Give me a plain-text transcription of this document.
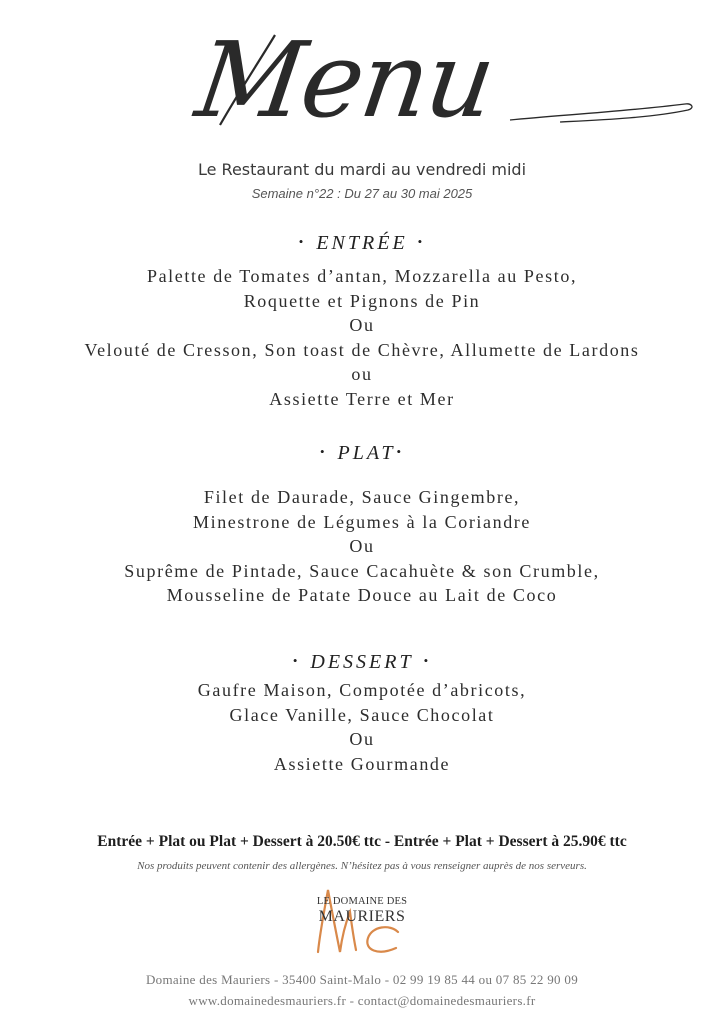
Menu
Le Restaurant du mardi au vendredi midi
Semaine n°22 : Du 27 au 30 mai 2025
• ENTRÉE •
Palette de Tomates d’antan, Mozzarella au Pesto,
Roquette et Pignons de Pin
Ou
Velouté de Cresson, Son toast de Chèvre, Allumette de Lardons
ou
Assiette Terre et Mer
• PLAT•
Filet de Daurade, Sauce Gingembre,
Minestrone de Légumes à la Coriandre
Ou
Suprême de Pintade, Sauce Cacahuète & son Crumble,
Mousseline de Patate Douce au Lait de Coco
• DESSERT •
Gaufre Maison, Compotée d’abricots,
Glace Vanille, Sauce Chocolat
Ou
Assiette Gourmande
Entrée + Plat ou Plat + Dessert à 20.50€ ttc - Entrée + Plat + Dessert à 25.90€ ttc
Nos produits peuvent contenir des allergènes. N’hésitez pas à vous renseigner auprès de nos serveurs.
LE DOMAINE DES
MAURIERS
Domaine des Mauriers - 35400 Saint-Malo - 02 99 19 85 44 ou 07 85 22 90 09
www.domainedesmauriers.fr - contact@domainedesmauriers.fr
